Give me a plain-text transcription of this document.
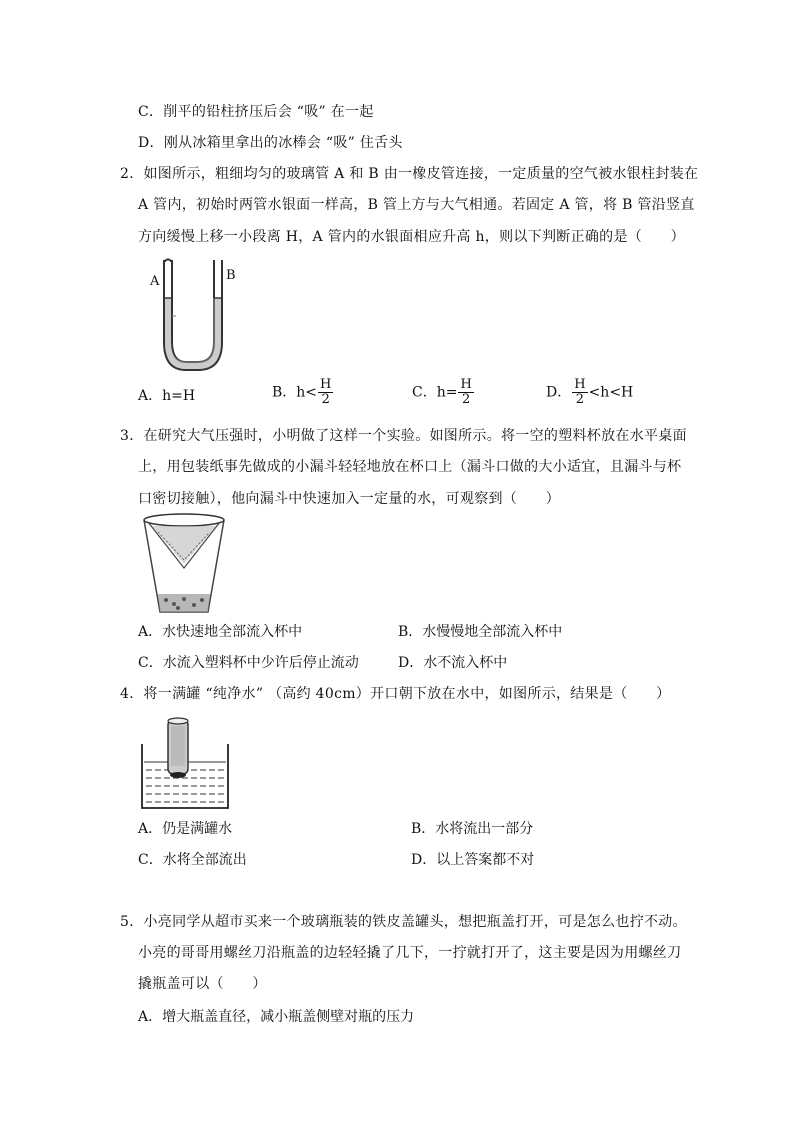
C．削平的铅柱挤压后会 “吸” 在一起
D．刚从冰箱里拿出的冰棒会 “吸” 住舌头
2．如图所示，粗细均匀的玻璃管 A 和 B 由一橡皮管连接，一定质量的空气被水银柱封装在
A 管内，初始时两管水银面一样高，B 管上方与大气相通。若固定 A 管，将 B 管沿竖直
方向缓慢上移一小段离 H，A 管内的水银面相应升高 h，则以下判断正确的是（　　）
A	B
A．h=H	B．$h< \frac{H}{2}$	C．$h= \frac{H}{2}$	D． $\frac{H}{2} <h<H$
3．在研究大气压强时，小明做了这样一个实验。如图所示。将一空的塑料杯放在水平桌面
上，用包装纸事先做成的小漏斗轻轻地放在杯口上（漏斗口做的大小适宜，且漏斗与杯
口密切接触），他向漏斗中快速加入一定量的水，可观察到（　　）
A．水快速地全部流入杯中	B．水慢慢地全部流入杯中
C．水流入塑料杯中少许后停止流动	D．水不流入杯中
4．将一满罐 “纯净水” （高约 40cm）开口朝下放在水中，如图所示，结果是（　　）
A．仍是满罐水	B．水将流出一部分
C．水将全部流出	D．以上答案都不对
5．小亮同学从超市买来一个玻璃瓶装的铁皮盖罐头，想把瓶盖打开，可是怎么也拧不动。
小亮的哥哥用螺丝刀沿瓶盖的边轻轻撬了几下，一拧就打开了，这主要是因为用螺丝刀
撬瓶盖可以（　　）
A．增大瓶盖直径，减小瓶盖侧壁对瓶的压力
